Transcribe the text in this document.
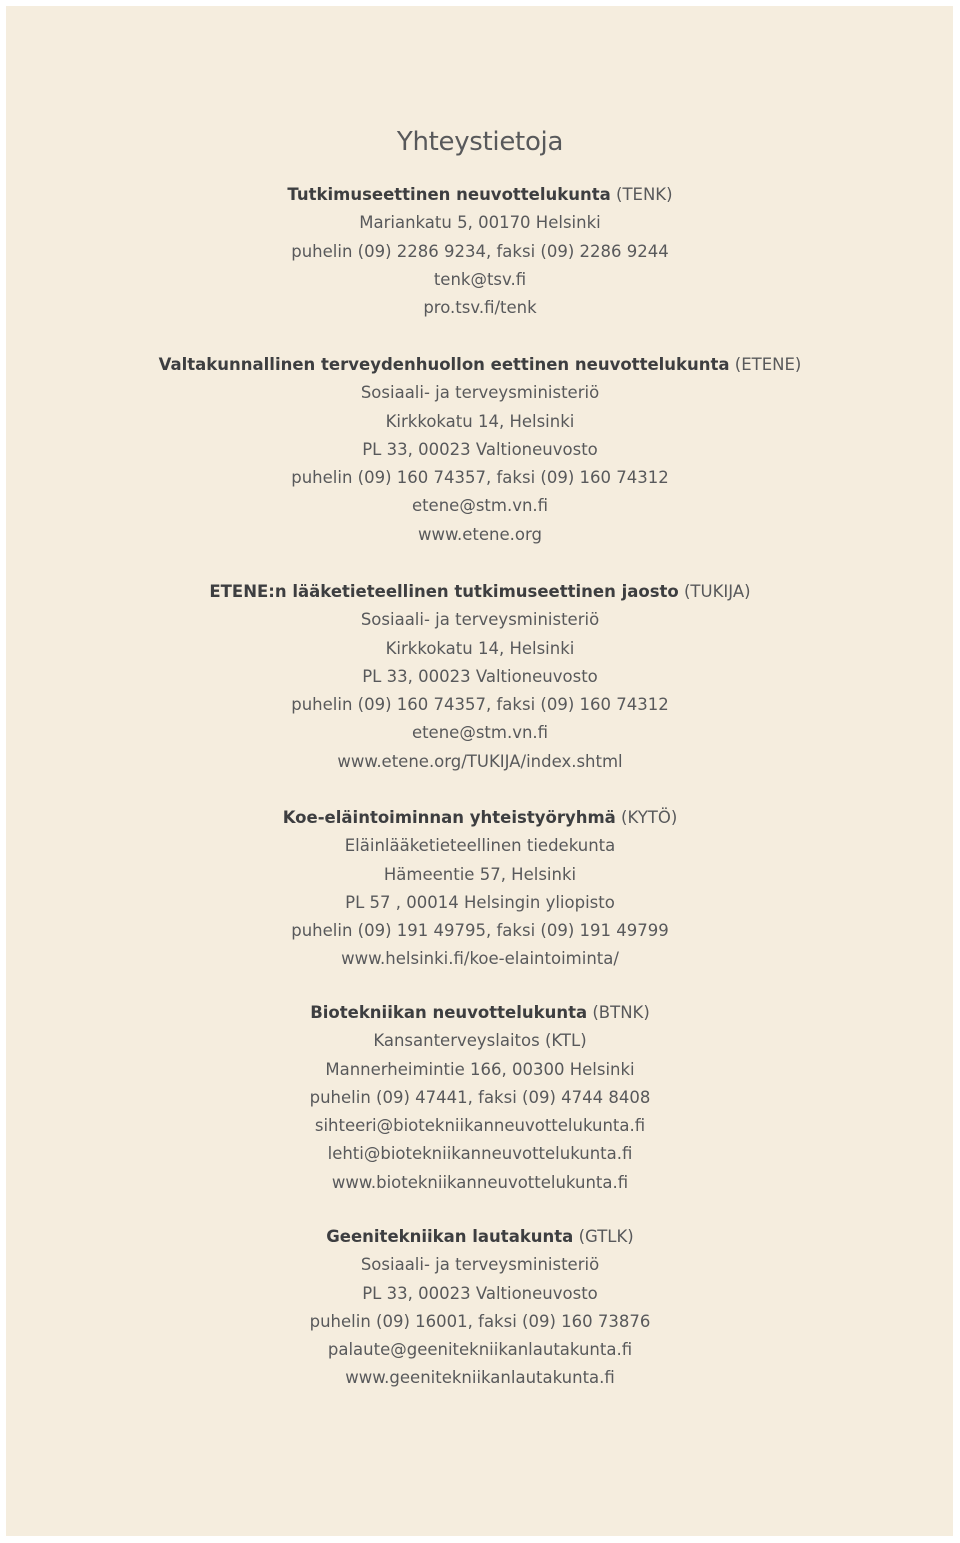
Yhteystietoja
Tutkimuseettinen neuvottelukunta (TENK)
Mariankatu 5, 00170 Helsinki
puhelin (09) 2286 9234, faksi (09) 2286 9244
tenk@tsv.fi
pro.tsv.fi/tenk
Valtakunnallinen terveydenhuollon eettinen neuvottelukunta (ETENE)
Sosiaali- ja terveysministeriö
Kirkkokatu 14, Helsinki
PL 33, 00023 Valtioneuvosto
puhelin (09) 160 74357, faksi (09) 160 74312
etene@stm.vn.fi
www.etene.org
ETENE:n lääketieteellinen tutkimuseettinen jaosto (TUKIJA)
Sosiaali- ja terveysministeriö
Kirkkokatu 14, Helsinki
PL 33, 00023 Valtioneuvosto
puhelin (09) 160 74357, faksi (09) 160 74312
etene@stm.vn.fi
www.etene.org/TUKIJA/index.shtml
Koe-eläintoiminnan yhteistyöryhmä (KYTÖ)
Eläinlääketieteellinen tiedekunta
Hämeentie 57, Helsinki
PL 57 , 00014 Helsingin yliopisto
puhelin (09) 191 49795, faksi (09) 191 49799
www.helsinki.fi/koe-elaintoiminta/
Biotekniikan neuvottelukunta (BTNK)
Kansanterveyslaitos (KTL)
Mannerheimintie 166, 00300 Helsinki
puhelin (09) 47441, faksi (09) 4744 8408
sihteeri@biotekniikanneuvottelukunta.fi
lehti@biotekniikanneuvottelukunta.fi
www.biotekniikanneuvottelukunta.fi
Geenitekniikan lautakunta (GTLK)
Sosiaali- ja terveysministeriö
PL 33, 00023 Valtioneuvosto
puhelin (09) 16001, faksi (09) 160 73876
palaute@geenitekniikanlautakunta.fi
www.geenitekniikanlautakunta.fi
